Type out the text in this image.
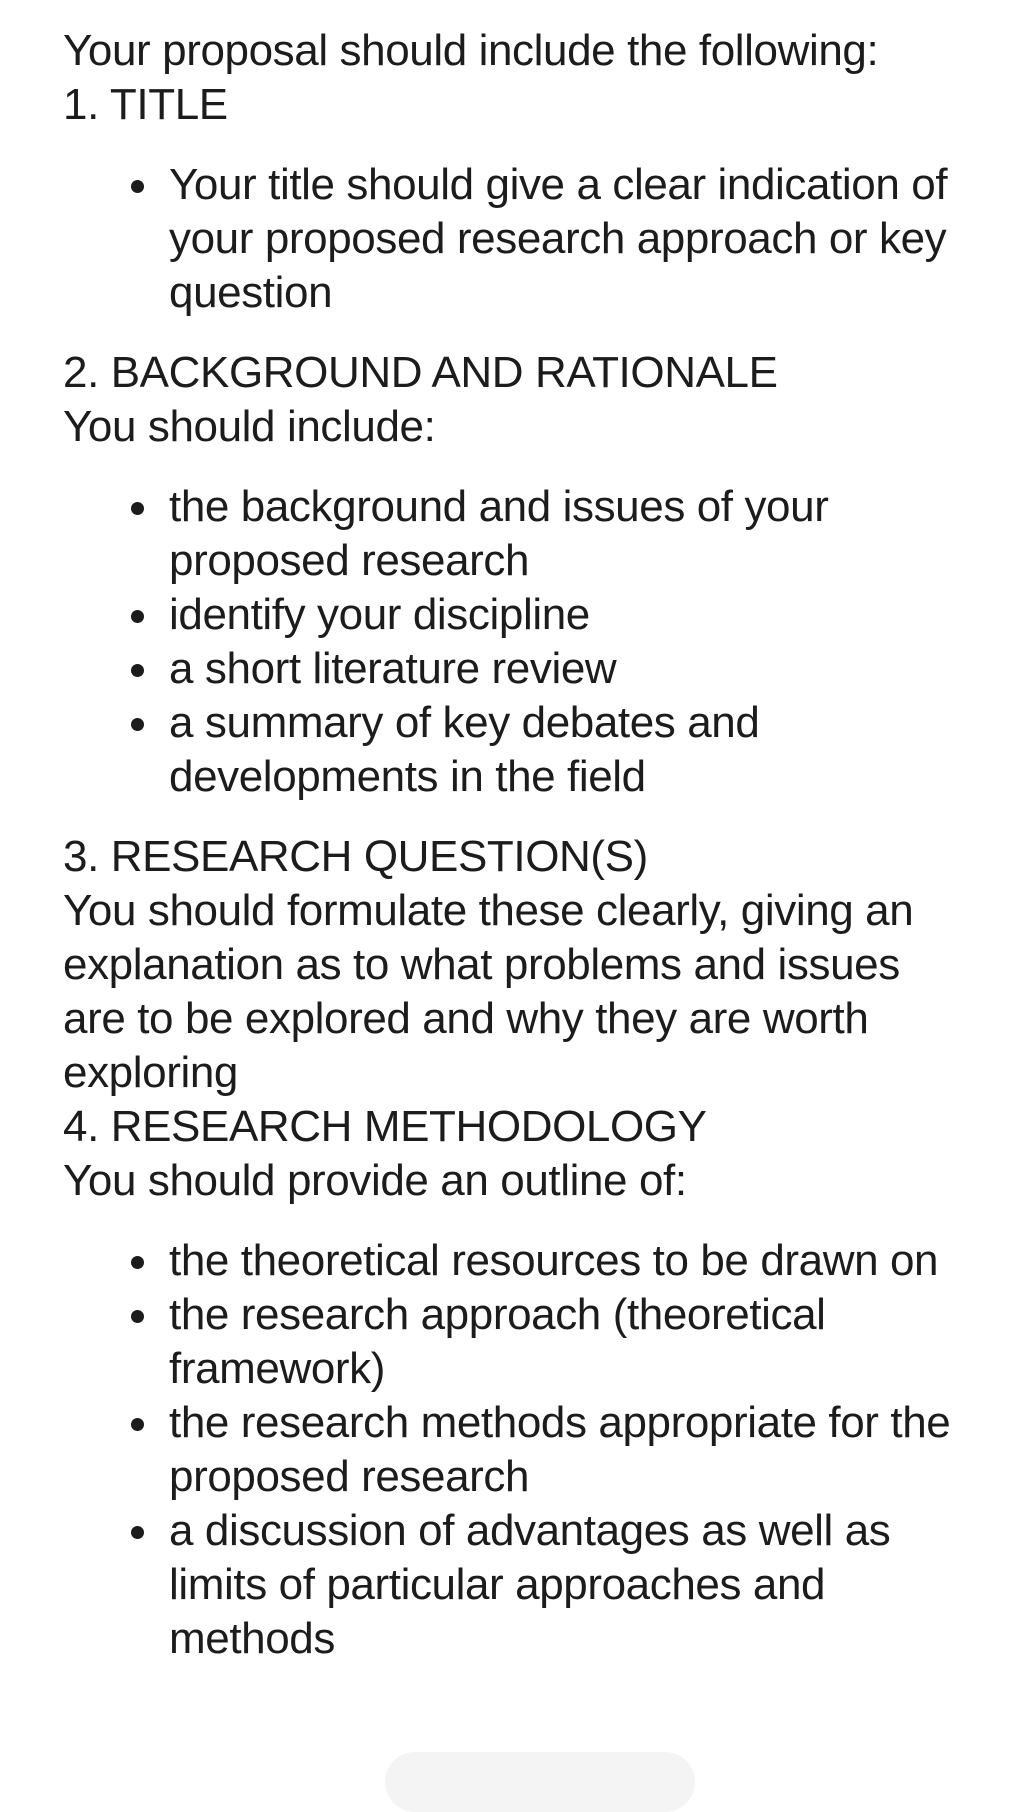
Your proposal should include the following:
1. TITLE
Your title should give a clear indication of
your proposed research approach or key
question
2. BACKGROUND AND RATIONALE
You should include:
the background and issues of your
proposed research
identify your discipline
a short literature review
a summary of key debates and
developments in the field
3. RESEARCH QUESTION(S)
You should formulate these clearly, giving an
explanation as to what problems and issues
are to be explored and why they are worth
exploring
4. RESEARCH METHODOLOGY
You should provide an outline of:
the theoretical resources to be drawn on
the research approach (theoretical
framework)
the research methods appropriate for the
proposed research
a discussion of advantages as well as
limits of particular approaches and
methods
